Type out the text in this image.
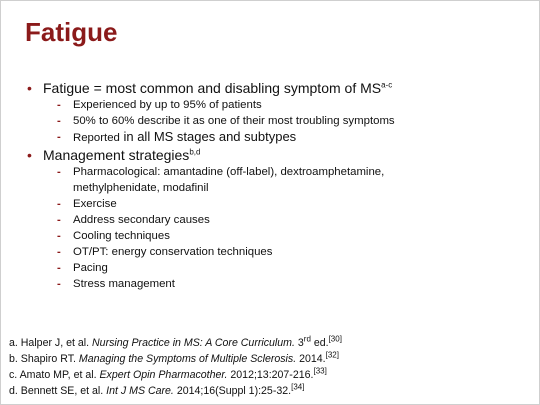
Fatigue
• Fatigue = most common and disabling symptom of MS$^{a-c}$
- Experienced by up to 95% of patients
- 50% to 60% describe it as one of their most troubling symptoms
- Reported in all MS stages and subtypes
• Management strategies$^{b,d}$
- Pharmacological: amantadine (off-label), dextroamphetamine,
methylphenidate, modafinil
- Exercise
- Address secondary causes
- Cooling techniques
- OT/PT: energy conservation techniques
- Pacing
- Stress management
a. Halper J, et al. Nursing Practice in MS: A Core Curriculum. 3rd ed.[30]
b. Shapiro RT. Managing the Symptoms of Multiple Sclerosis. 2014.[32]
c. Amato MP, et al. Expert Opin Pharmacother. 2012;13:207-216.[33]
d. Bennett SE, et al. Int J MS Care. 2014;16(Suppl 1):25-32.[34]
